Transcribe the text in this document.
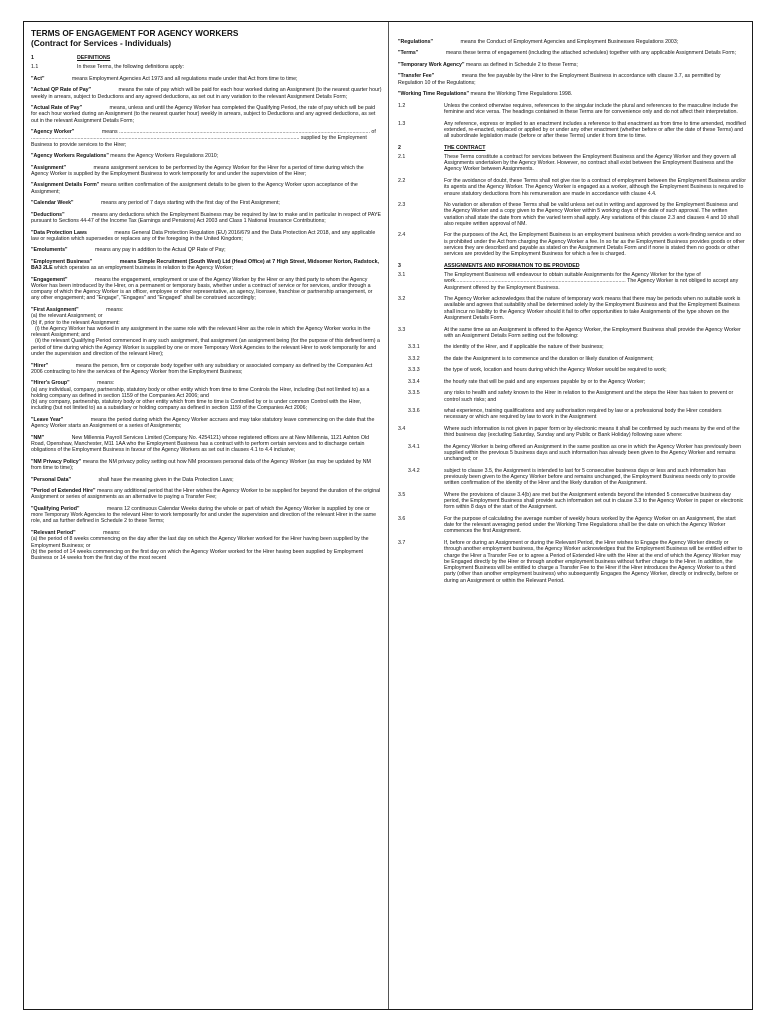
TERMS OF ENGAGEMENT FOR AGENCY WORKERS
(Contract for Services - Individuals)
1	DEFINITIONS
1.1	In these Terms, the following definitions apply:

"Act"	means Employment Agencies Act 1973 and all regulations made under that Act from time to time;

"Actual QP Rate of Pay"	means the rate of pay which will be paid for each hour worked during an Assignment (to the nearest quarter hour) weekly in arrears, subject to Deductions and any agreed deductions, as set out in any variation to the relevant Assignment Details Form;

"Actual Rate of Pay"	means, unless and until the Agency Worker has completed the Qualifying Period, the rate of pay which will be paid for each hour worked during an Assignment (to the nearest quarter hour) weekly in arrears, subject to Deductions and any agreed deductions, as set out in the relevant Assignment Details Form;

"Agency Worker"	means ............................................................................................................................................................................ of ........................................................................................................................................................................................ supplied by the Employment Business to provide services to the Hirer;

"Agency Workers Regulations" means the Agency Workers Regulations 2010;

"Assignment"	means assignment services to be performed by the Agency Worker for the Hirer for a period of time during which the Agency Worker is supplied by the Employment Business to work temporarily for and under the supervision of the Hirer;

"Assignment Details Form" means written confirmation of the assignment details to be given to the Agency Worker upon acceptance of the Assignment;

"Calendar Week"	means any period of 7 days starting with the first day of the First Assignment;

"Deductions"	means any deductions which the Employment Business may be required by law to make and in particular in respect of PAYE pursuant to Sections 44-47 of the Income Tax (Earnings and Pensions) Act 2003 and Class 1 National Insurance Contributions;

"Data Protection Laws	means General Data Protection Regulation (EU) 2016/679 and the Data Protection Act 2018, and any applicable law or regulation which supersedes or replaces any of the foregoing in the United Kingdom;

"Emoluments"	means any pay in addition to the Actual QP Rate of Pay;

"Employment Business"	means Simple Recruitment (South West) Ltd (Head Office) at 7 High Street, Midsomer Norton, Radstock, BA3 2LE which operates as an employment business in relation to the Agency Worker;

"Engagement"	means the engagement, employment or use of the Agency Worker by the Hirer or any third party to whom the Agency Worker has been introduced by the Hirer, on a permanent or temporary basis, whether under a contract of service or for services, and/or through a company of which the Agency Worker is an officer, employee or other representative, an agency, licensee, franchise or partnership arrangement, or any other engagement; and "Engage", "Engages" and "Engaged" shall be construed accordingly;

"First Assignment"	means:
(a) the relevant Assignment; or
(b) if, prior to the relevant Assignment:
(i) the Agency Worker has worked in any assignment in the same role with the relevant Hirer as the role in which the Agency Worker works in the relevant Assignment; and
(ii) the relevant Qualifying Period commenced in any such assignment, that assignment (an assignment being (for the purpose of this defined term) a period of time during which the Agency Worker is supplied by one or more Temporary Work Agencies to the relevant Hirer to work temporarily for and under the supervision and direction of the relevant Hirer);

"Hirer"	means the person, firm or corporate body together with any subsidiary or associated company as defined by the Companies Act 2006 contracting to hire the services of the Agency Worker from the Employment Business;

"Hirer's Group"	means:
(a) any individual, company, partnership, statutory body or other entity which from time to time Controls the Hirer, including (but not limited to) as a holding company as defined in section 1159 of the Companies Act 2006; and
(b) any company, partnership, statutory body or other entity which from time to time is Controlled by or is under common Control with the Hirer, including (but not limited to) as a subsidiary or holding company as defined in section 1159 of the Companies Act 2006;

"Leave Year"	means the period during which the Agency Worker accrues and may take statutory leave commencing on the date that the Agency Worker starts an Assignment or a series of Assignments;

"NM"	New Millennia Payroll Services Limited (Company No. 4254121) whose registered offices are at New Millennia, 1121 Ashton Old Road, Openshaw, Manchester, M11 1AA who the Employment Business has a contract with to perform certain services and to discharge certain obligations of the Employment Business in favour of the Agency Workers as set out in clauses 4.1 to 4.4 inclusive;

"NM Privacy Policy" means the NM privacy policy setting out how NM processes personal data of the Agency Worker (as may be updated by NM from time to time);

"Personal Data"	shall have the meaning given in the Data Protection Laws;

"Period of Extended Hire" means any additional period that the Hirer wishes the Agency Worker to be supplied for beyond the duration of the original Assignment or series of assignments as an alternative to paying a Transfer Fee;

"Qualifying Period"	means 12 continuous Calendar Weeks during the whole or part of which the Agency Worker is supplied by one or more Temporary Work Agencies to the relevant Hirer to work temporarily for and under the supervision and direction of the relevant Hirer in the same role, and as further defined in Schedule 2 to these Terms;

"Relevant Period"	means:
(a) the period of 8 weeks commencing on the day after the last day on which the Agency Worker worked for the Hirer having been supplied by the Employment Business; or
(b) the period of 14 weeks commencing on the first day on which the Agency Worker worked for the Hirer having been supplied by Employment Business or 14 weeks from the first day of the most recent

"Regulations"	means the Conduct of Employment Agencies and Employment Businesses Regulations 2003;

"Terms"	means these terms of engagement (including the attached schedules) together with any applicable Assignment Details Form;

"Temporary Work Agency" means as defined in Schedule 2 to these Terms;

"Transfer Fee"	means the fee payable by the Hirer to the Employment Business in accordance with clause 3.7, as permitted by Regulation 10 of the Regulations;

"Working Time Regulations" means the Working Time Regulations 1998.

1.2	Unless the context otherwise requires, references to the singular include the plural and references to the masculine include the feminine and vice versa. The headings contained in these Terms are for convenience only and do not affect their interpretation.
1.3	Any reference, express or implied to an enactment includes a reference to that enactment as from time to time amended, modified extended, re-enacted, replaced or applied by or under any other enactment (whether before or after the date of these Terms) and all subordinate legislation made (before or after these Terms) under it from time to time.
2	THE CONTRACT
2.1	These Terms constitute a contract for services between the Employment Business and the Agency Worker and they govern all Assignments undertaken by the Agency Worker. However, no contract shall exist between the Employment Business and the Agency Worker between Assignments.
2.2	For the avoidance of doubt, these Terms shall not give rise to a contract of employment between the Employment Business and/or its agents and the Agency Worker. The Agency Worker is engaged as a worker, although the Employment Business is required to ensure statutory deductions from his remuneration are made in accordance with clause 4.4.
2.3	No variation or alteration of these Terms shall be valid unless set out in writing and approved by the Employment Business and the Agency Worker and a copy given to the Agency Worker within 5 working days of the date of such approval. The written variation shall state the date from which the varied term shall apply. Any variations of this clause 2.3 and clauses 4 and 10 shall also require written approval of NM.
2.4	For the purposes of the Act, the Employment Business is an employment business which provides a work-finding service and so is prohibited under the Act from charging the Agency Worker a fee. In so far as the Employment Business provides goods or other services they are described and payable as stated on the Assignment Details Form and if none is stated then no goods or other services are provided by the Employment Business for which a fee is charged.
3	ASSIGNMENTS AND INFORMATION TO BE PROVIDED
3.1	The Employment Business will endeavour to obtain suitable Assignments for the Agency Worker for the type of work..................................................................................................................... The Agency Worker is not obliged to accept any Assignment offered by the Employment Business.
3.2	The Agency Worker acknowledges that the nature of temporary work means that there may be periods when no suitable work is available and agrees that suitability shall be determined solely by the Employment Business and that the Employment Business shall incur no liability to the Agency Worker should it fail to offer opportunities to take Assignments of the type shown on the Assignment Details Form.
3.3	At the same time as an Assignment is offered to the Agency Worker, the Employment Business shall provide the Agency Worker with an Assignment Details Form setting out the following:
3.3.1	the identity of the Hirer, and if applicable the nature of their business;
3.3.2	the date the Assignment is to commence and the duration or likely duration of Assignment;
3.3.3	the type of work, location and hours during which the Agency Worker would be required to work;
3.3.4	the hourly rate that will be paid and any expenses payable by or to the Agency Worker;
3.3.5	any risks to health and safety known to the Hirer in relation to the Assignment and the steps the Hirer has taken to prevent or control such risks; and
3.3.6	what experience, training qualifications and any authorisation required by law or a professional body the Hirer considers necessary or which are required by law to work in the Assignment
3.4	Where such information is not given in paper form or by electronic means it shall be confirmed by such means by the end of the third business day (excluding Saturday, Sunday and any Public or Bank Holiday) following save where:
3.4.1	the Agency Worker is being offered an Assignment in the same position as one in which the Agency Worker has previously been supplied within the previous 5 business days and such information has already been given to the Agency Worker and remains unchanged; or
3.4.2	subject to clause 3.5, the Assignment is intended to last for 5 consecutive business days or less and such information has previously been given to the Agency Worker before and remains unchanged, the Employment Business needs only to provide written confirmation of the identity of the Hirer and the likely duration of the Assignment.
3.5	Where the provisions of clause 3.4(b) are met but the Assignment extends beyond the intended 5 consecutive business day period, the Employment Business shall provide such information set out in clause 3.3 to the Agency Worker in paper or electronic form within 8 days of the start of the Assignment.
3.6	For the purpose of calculating the average number of weekly hours worked by the Agency Worker on an Assignment, the start date for the relevant averaging period under the Working Time Regulations shall be the date on which the Agency Worker commences the first Assignment.
3.7	If, before or during an Assignment or during the Relevant Period, the Hirer wishes to Engage the Agency Worker directly or through another employment business, the Agency Worker acknowledges that the Employment Business will be entitled either to charge the Hirer a Transfer Fee or to agree a Period of Extended Hire with the Hirer at the end of which the Agency Worker may be Engaged directly by the Hirer or through another employment business without further charge to the Hirer. In addition, the Employment Business will be entitled to charge a Transfer Fee to the Hirer if the Hirer introduces the Agency Worker to a third party (other than another employment business) who subsequently Engages the Agency Worker, directly or indirectly, before or during an Assignment or within the Relevant Period.
